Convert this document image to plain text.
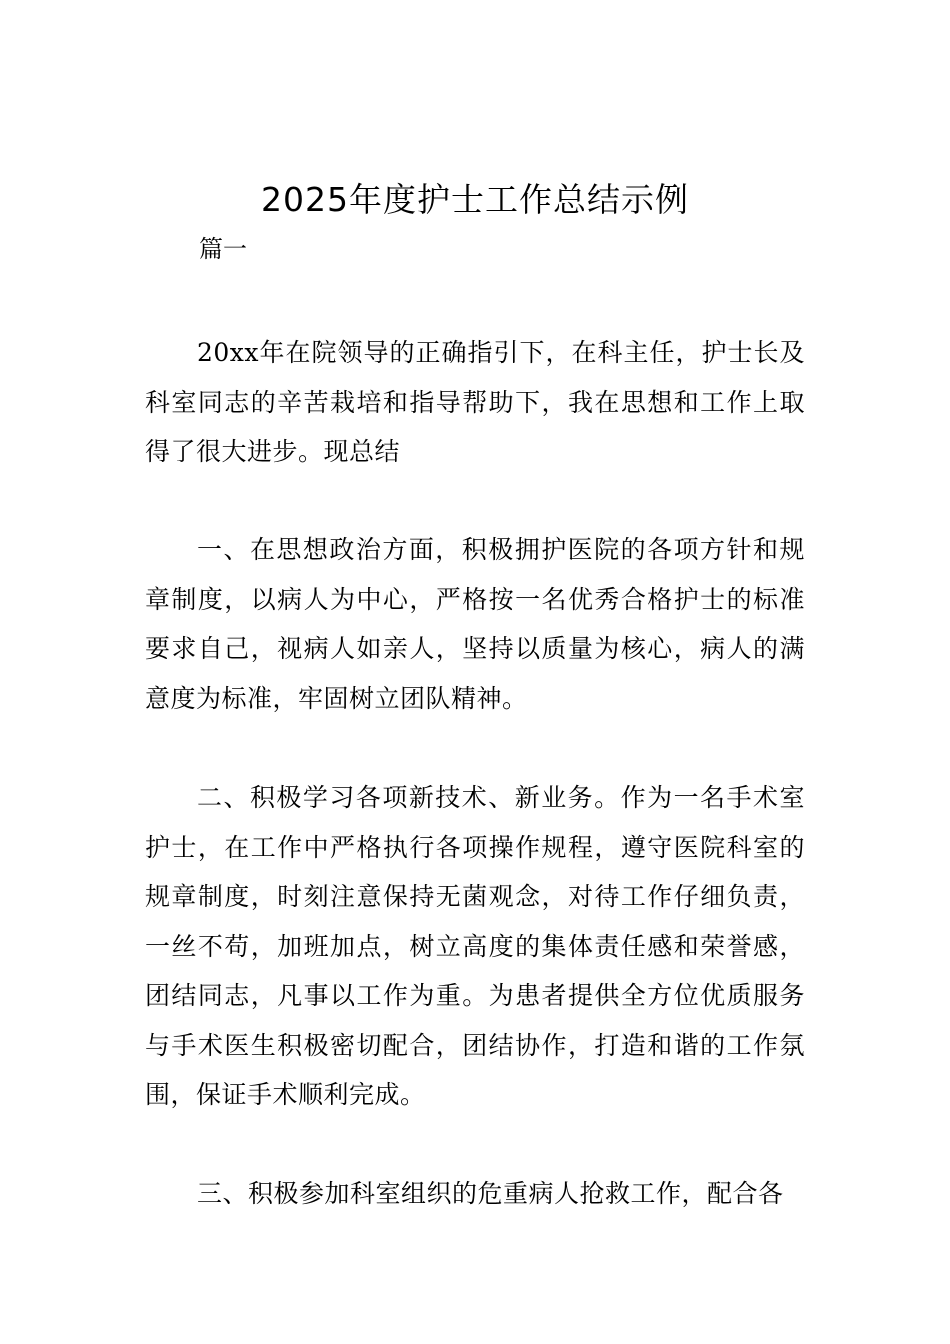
2025年度护士工作总结示例

篇一

20xx年在院领导的正确指引下，在科主任，护士长及科室同志的辛苦栽培和指导帮助下，我在思想和工作上取得了很大进步。现总结

一、在思想政治方面，积极拥护医院的各项方针和规章制度，以病人为中心，严格按一名优秀合格护士的标准要求自己，视病人如亲人，坚持以质量为核心，病人的满意度为标准，牢固树立团队精神。

二、积极学习各项新技术、新业务。作为一名手术室护士，在工作中严格执行各项操作规程，遵守医院科室的规章制度，时刻注意保持无菌观念，对待工作仔细负责，一丝不苟，加班加点，树立高度的集体责任感和荣誉感，团结同志，凡事以工作为重。为患者提供全方位优质服务与手术医生积极密切配合，团结协作，打造和谐的工作氛围，保证手术顺利完成。

三、积极参加科室组织的危重病人抢救工作，配合各
